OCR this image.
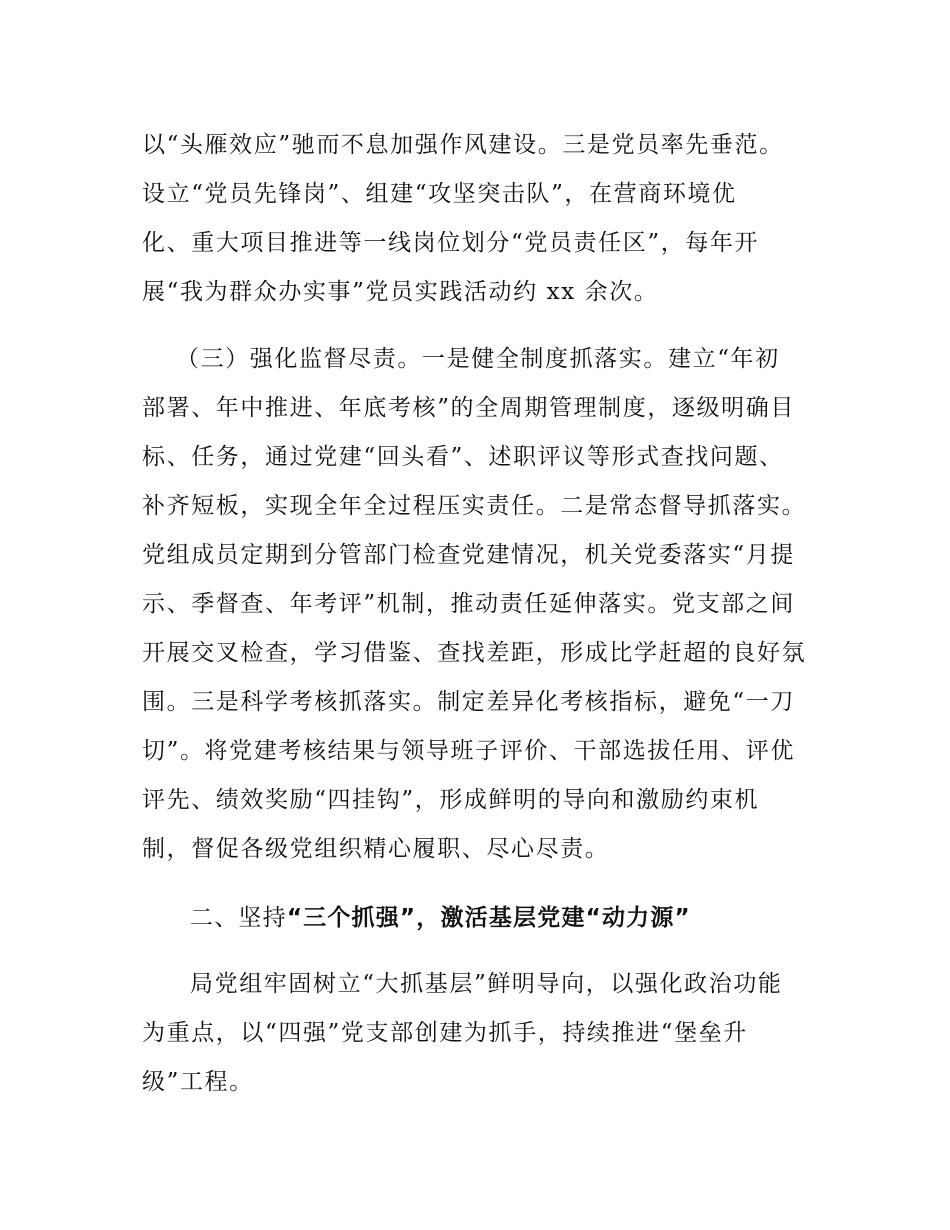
以“头雁效应”驰而不息加强作风建设。三是党员率先垂范。
设立“党员先锋岗”、组建“攻坚突击队”，在营商环境优
化、重大项目推进等一线岗位划分“党员责任区”，每年开
展“我为群众办实事”党员实践活动约 xx 余次。
（三）强化监督尽责。一是健全制度抓落实。建立“年初
部署、年中推进、年底考核”的全周期管理制度，逐级明确目
标、任务，通过党建“回头看”、述职评议等形式查找问题、
补齐短板，实现全年全过程压实责任。二是常态督导抓落实。
党组成员定期到分管部门检查党建情况，机关党委落实“月提
示、季督查、年考评”机制，推动责任延伸落实。党支部之间
开展交叉检查，学习借鉴、查找差距，形成比学赶超的良好氛
围。三是科学考核抓落实。制定差异化考核指标，避免“一刀
切”。将党建考核结果与领导班子评价、干部选拔任用、评优
评先、绩效奖励“四挂钩”，形成鲜明的导向和激励约束机
制，督促各级党组织精心履职、尽心尽责。
二、坚持“三个抓强”，激活基层党建“动力源”
局党组牢固树立“大抓基层”鲜明导向，以强化政治功能
为重点，以“四强”党支部创建为抓手，持续推进“堡垒升
级”工程。
